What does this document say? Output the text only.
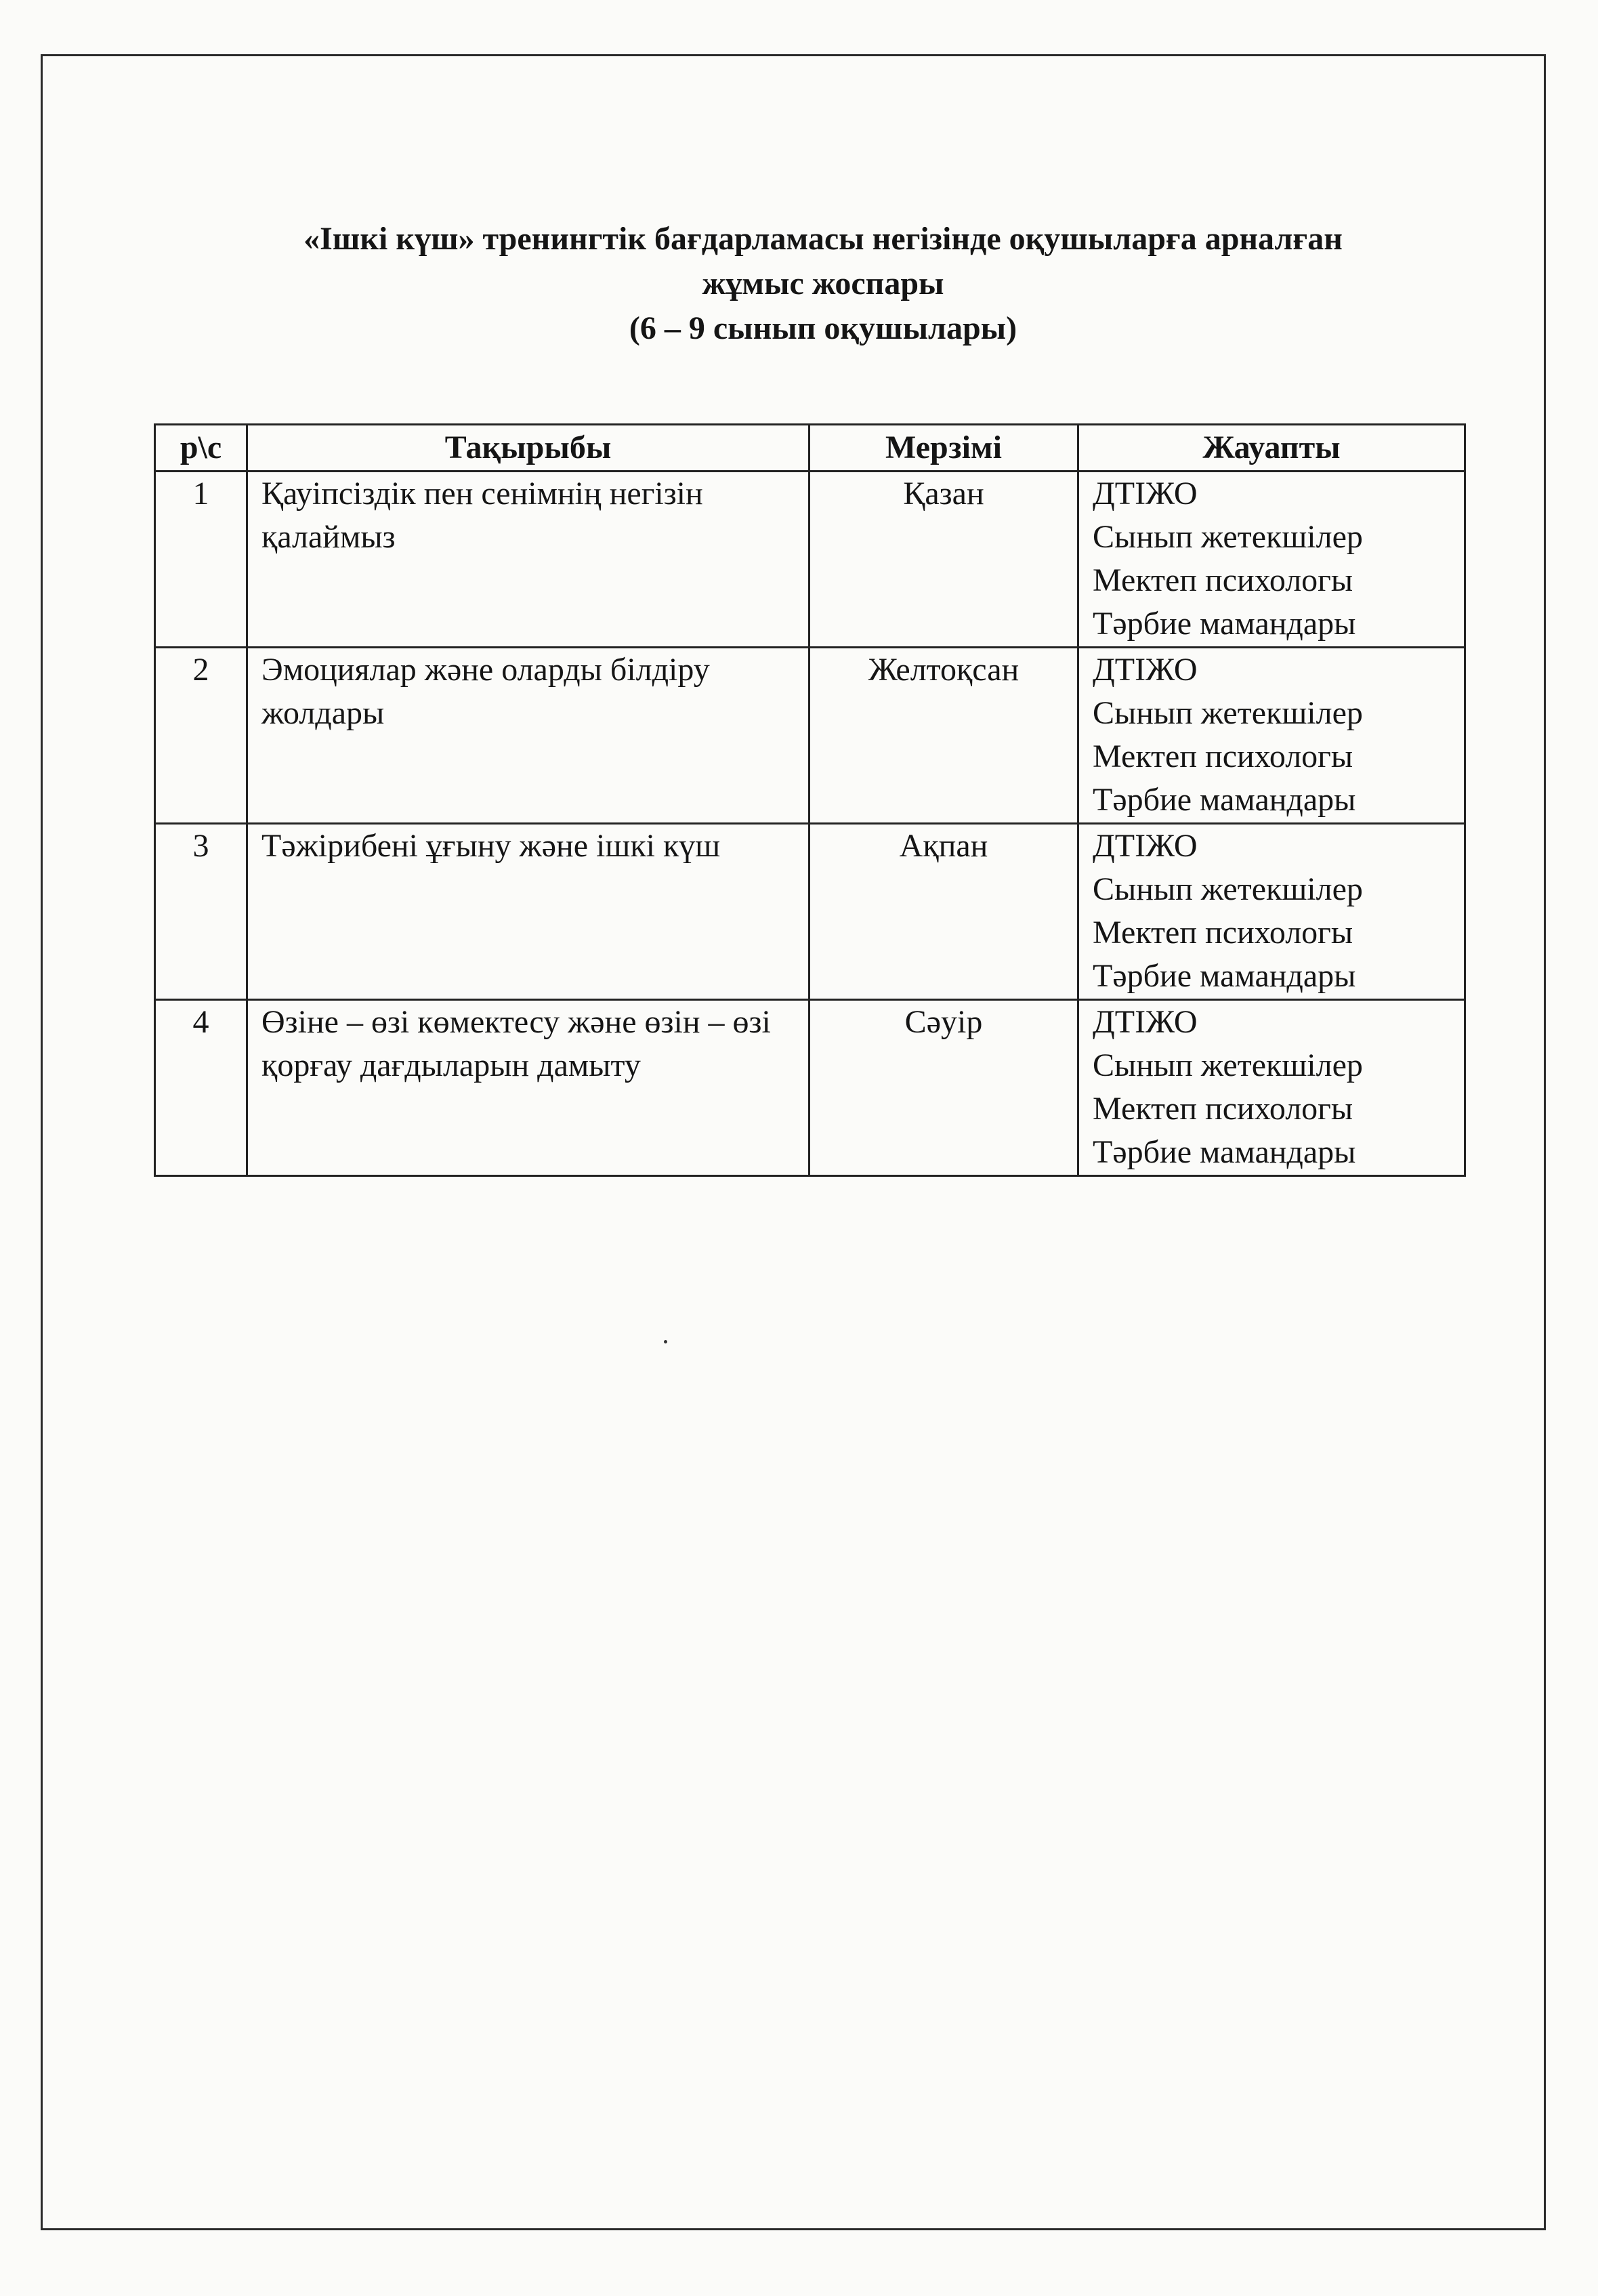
«Ішкі күш» тренингтік бағдарламасы негізінде оқушыларға арналған
жұмыс жоспары
(6 – 9 сынып оқушылары)
р\с	Тақырыбы	Мерзімі	Жауапты
1	Қауіпсіздік пен сенімнің негізін қалаймыз	Қазан	ДТІЖО
Сынып жетекшілер
Мектеп психологы
Тәрбие мамандары

2	Эмоциялар және оларды білдіру жолдары	Желтоқсан	ДТІЖО
Сынып жетекшілер
Мектеп психологы
Тәрбие мамандары

3	Тәжірибені ұғыну және ішкі күш	Ақпан	ДТІЖО
Сынып жетекшілер
Мектеп психологы
Тәрбие мамандары

4	Өзіне – өзі көмектесу және өзін – өзі қорғау дағдыларын дамыту	Сәуір	ДТІЖО
Сынып жетекшілер
Мектеп психологы
Тәрбие мамандары
